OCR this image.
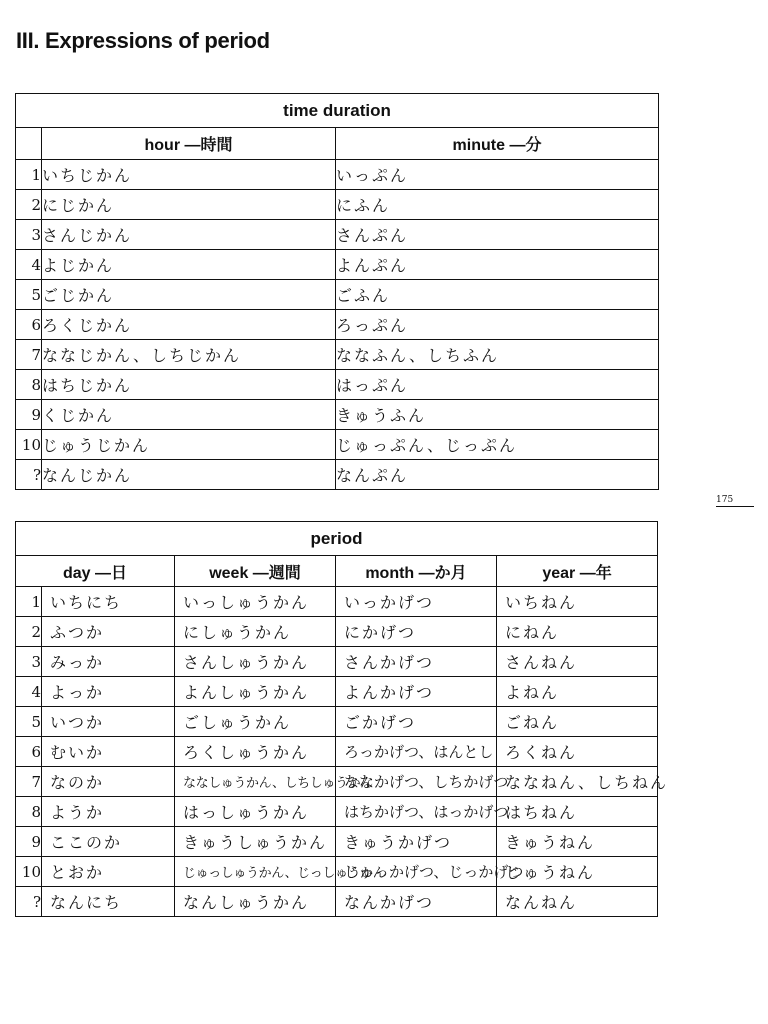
III. Expressions of period
time duration		
	hour —時間	minute —分
1	いちじかん	いっぷん
2	にじかん	にふん
3	さんじかん	さんぷん
4	よじかん	よんぷん
5	ごじかん	ごふん
6	ろくじかん	ろっぷん
7	ななじかん、しちじかん	ななふん、しちふん
8	はちじかん	はっぷん
9	くじかん	きゅうふん
10	じゅうじかん	じゅっぷん、じっぷん
?	なんじかん	なんぷん
175
period				
day —日		week —週間	month —か月	year —年
1	いちにち	いっしゅうかん	いっかげつ	いちねん
2	ふつか	にしゅうかん	にかげつ	にねん
3	みっか	さんしゅうかん	さんかげつ	さんねん
4	よっか	よんしゅうかん	よんかげつ	よねん
5	いつか	ごしゅうかん	ごかげつ	ごねん
6	むいか	ろくしゅうかん	ろっかげつ、はんとし	ろくねん
7	なのか	ななしゅうかん、しちしゅうかん	ななかげつ、しちかげつ	ななねん、しちねん
8	ようか	はっしゅうかん	はちかげつ、はっかげつ	はちねん
9	ここのか	きゅうしゅうかん	きゅうかげつ	きゅうねん
10	とおか	じゅっしゅうかん、じっしゅうかん	じゅっかげつ、じっかげつ	じゅうねん
?	なんにち	なんしゅうかん	なんかげつ	なんねん
